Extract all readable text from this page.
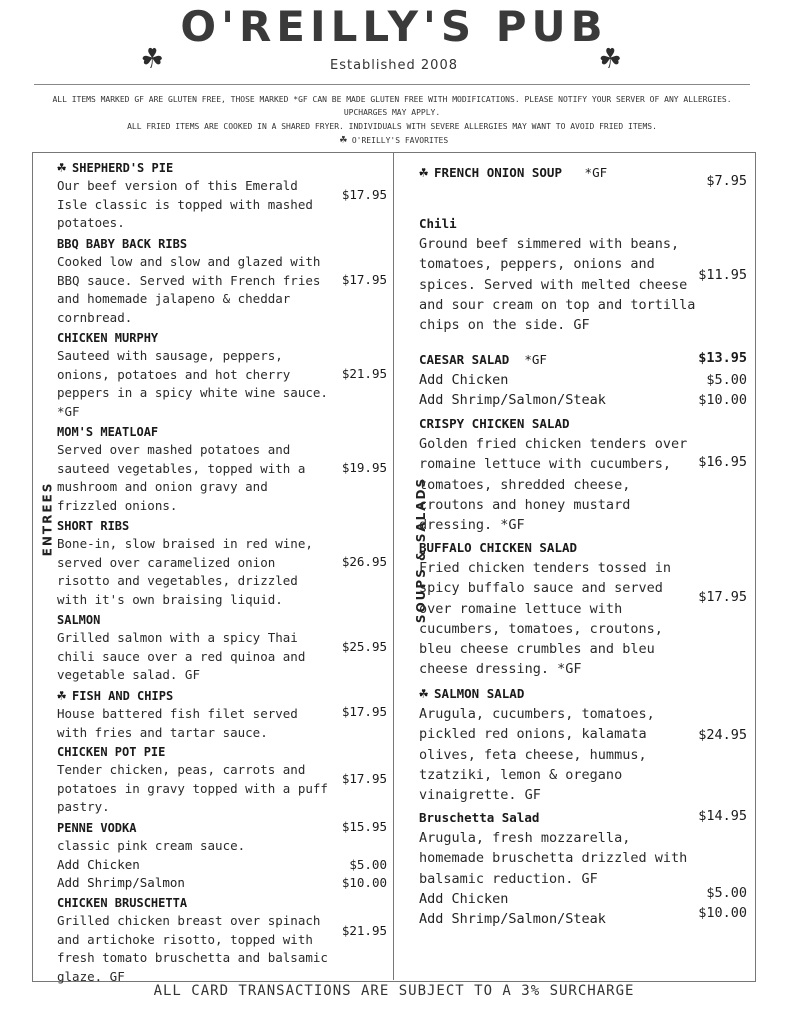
O'REILLY'S PUB
☘	☘
Established 2008
ALL ITEMS MARKED GF ARE GLUTEN FREE, THOSE MARKED *GF CAN BE MADE GLUTEN FREE WITH MODIFICATIONS. PLEASE NOTIFY YOUR SERVER OF ANY ALLERGIES. UPCHARGES MAY APPLY.
ALL FRIED ITEMS ARE COOKED IN A SHARED FRYER. INDIVIDUALS WITH SEVERE ALLERGIES MAY WANT TO AVOID FRIED ITEMS.
☘ O'REILLY'S FAVORITES
ENTREES	SOUPS & SALADS
☘ SHEPHERD'S PIE
Our beef version of this Emerald Isle classic is topped with mashed potatoes.
$17.95
BBQ BABY BACK RIBS
Cooked low and slow and glazed with BBQ sauce. Served with French fries and homemade jalapeno & cheddar cornbread.
$17.95
CHICKEN MURPHY
Sauteed with sausage, peppers, onions, potatoes and hot cherry peppers in a spicy white wine sauce. *GF
$21.95
MOM'S MEATLOAF
Served over mashed potatoes and sauteed vegetables, topped with a mushroom and onion gravy and frizzled onions.
$19.95
SHORT RIBS
Bone-in, slow braised in red wine, served over caramelized onion risotto and vegetables, drizzled with it's own braising liquid.
$26.95
SALMON
Grilled salmon with a spicy Thai chili sauce over a red quinoa and vegetable salad. GF
$25.95
☘ FISH AND CHIPS
House battered fish filet served with fries and tartar sauce.
$17.95
CHICKEN POT PIE
Tender chicken, peas, carrots and potatoes in gravy topped with a puff pastry.
$17.95
PENNE VODKA	$15.95
classic pink cream sauce.
Add Chicken	$5.00
Add Shrimp/Salmon	$10.00
CHICKEN BRUSCHETTA
Grilled chicken breast over spinach and artichoke risotto, topped with fresh tomato bruschetta and balsamic glaze. GF
$21.95
☘ FRENCH ONION SOUP *GF
$7.95
Chili
Ground beef simmered with beans, tomatoes, peppers, onions and spices. Served with melted cheese and sour cream on top and tortilla chips on the side. GF
$11.95
CAESAR SALAD *GF	$13.95
Add Chicken	$5.00
Add Shrimp/Salmon/Steak	$10.00
CRISPY CHICKEN SALAD
Golden fried chicken tenders over romaine lettuce with cucumbers, tomatoes, shredded cheese, croutons and honey mustard dressing. *GF
$16.95
BUFFALO CHICKEN SALAD
Fried chicken tenders tossed in spicy buffalo sauce and served over romaine lettuce with cucumbers, tomatoes, croutons, bleu cheese crumbles and bleu cheese dressing. *GF
$17.95
☘ SALMON SALAD
Arugula, cucumbers, tomatoes, pickled red onions, kalamata olives, feta cheese, hummus, tzatziki, lemon & oregano vinaigrette. GF
$24.95
Bruschetta Salad	$14.95
Arugula, fresh mozzarella, homemade bruschetta drizzled with balsamic reduction. GF
Add Chicken	$5.00
Add Shrimp/Salmon/Steak	$10.00
ALL CARD TRANSACTIONS ARE SUBJECT TO A 3% SURCHARGE
